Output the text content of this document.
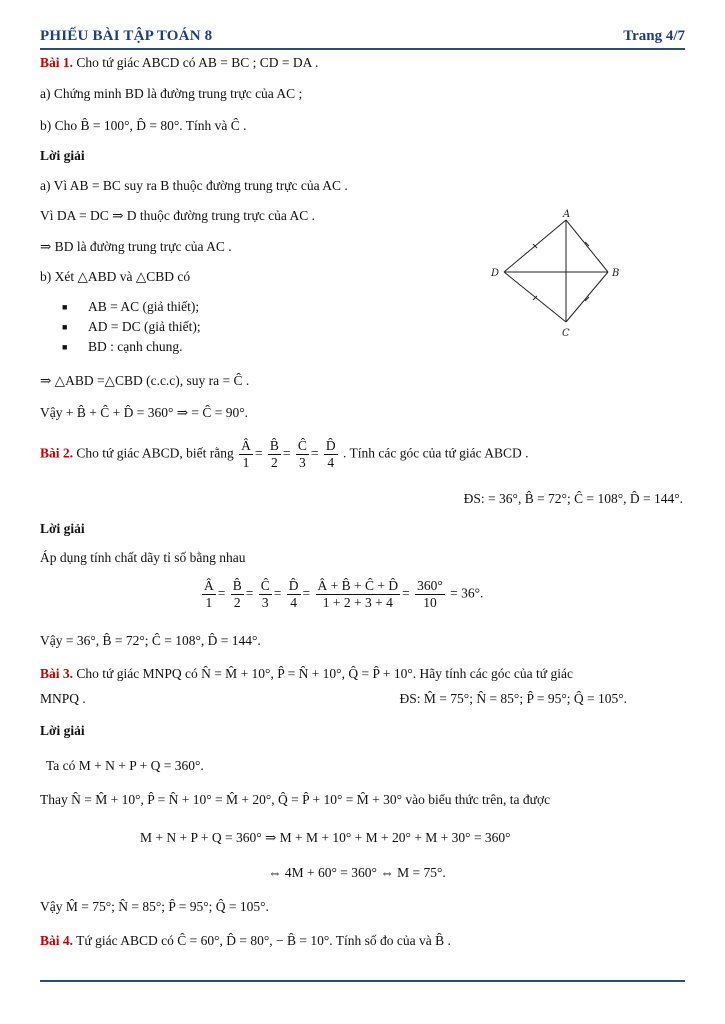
PHIẾU BÀI TẬP TOÁN 8	Trang 4/7
Bài 1. Cho tứ giác ABCD có AB = BC ; CD = DA .
a) Chứng minh BD là đường trung trực của AC ;
b) Cho B̂ = 100°, D̂ = 80°. Tính và Ĉ .
Lời giải
a) Vì AB = BC suy ra B thuộc đường trung trực của AC .
Vì DA = DC ⇒ D thuộc đường trung trực của AC .
⇒ BD là đường trung trực của AC .
b) Xét △ABD và △CBD có
■ AB = AC (giả thiết);
■ AD = DC (giả thiết);
■ BD : cạnh chung.
⇒ △ABD =△CBD (c.c.c), suy ra = Ĉ .
Vậy + B̂ + Ĉ + D̂ = 360° ⇒ = Ĉ = 90°.
A
B
C
D
Bài 2. Cho tứ giác ABCD, biết rằng $\frac{Â}{1} = \frac{B̂}{2} = \frac{Ĉ}{3} = \frac{D̂}{4}$ . Tính các góc của tứ giác ABCD .
ĐS: = 36°, B̂ = 72°; Ĉ = 108°, D̂ = 144°.
Lời giải
Áp dụng tính chất dãy tỉ số bằng nhau
$\frac{Â}{1} = \frac{B̂}{2} = \frac{Ĉ}{3} = \frac{D̂}{4} = \frac{Â + B̂ + Ĉ + D̂}{1 + 2 + 3 + 4} = \frac{360^\circ}{10} = 36^\circ$.
Vậy = 36°, B̂ = 72°; Ĉ = 108°, D̂ = 144°.
Bài 3. Cho tứ giác MNPQ có N̂ = M̂ + 10°, P̂ = N̂ + 10°, Q̂ = P̂ + 10°. Hãy tính các góc của tứ giác
MNPQ .	ĐS: M̂ = 75°; N̂ = 85°; P̂ = 95°; Q̂ = 105°.
Lời giải
Ta có M + N + P + Q = 360°.
Thay N̂ = M̂ + 10°, P̂ = N̂ + 10° = M̂ + 20°, Q̂ = P̂ + 10° = M̂ + 30° vào biểu thức trên, ta được
M + N + P + Q = 360° ⇒ M + M + 10° + M + 20° + M + 30° = 360°
⇔ 4M + 60° = 360° ⇔ M = 75°.
Vậy M̂ = 75°; N̂ = 85°; P̂ = 95°; Q̂ = 105°.
Bài 4. Tứ giác ABCD có Ĉ = 60°, D̂ = 80°, − B̂ = 10°. Tính số đo của và B̂ .
